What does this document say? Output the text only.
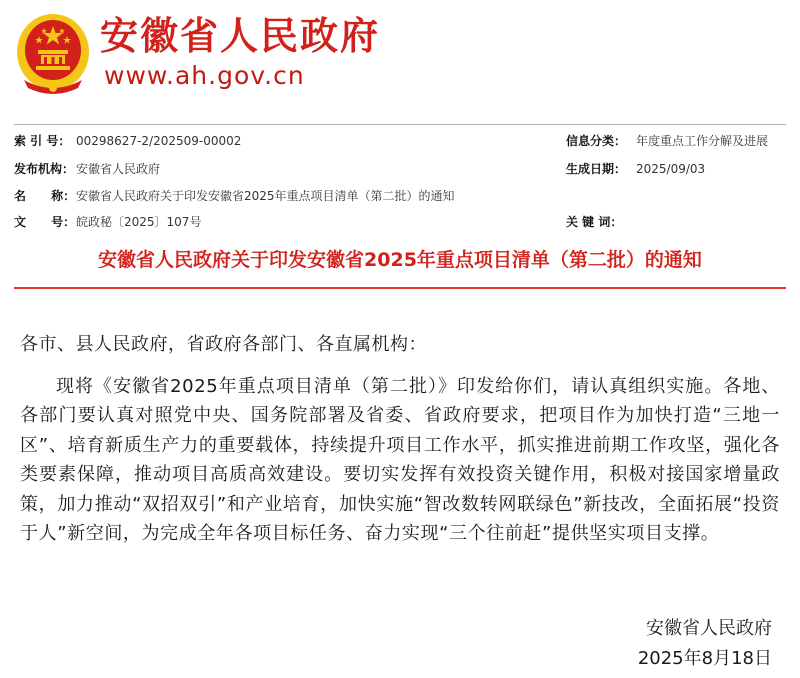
安徽省人民政府
www.ah.gov.cn
索 引 号： 00298627-2/202509-00002	信息分类： 年度重点工作分解及进展
发布机构： 安徽省人民政府	生成日期： 2025/09/03
名      称： 安徽省人民政府关于印发安徽省2025年重点项目清单（第二批）的通知
文      号： 皖政秘〔2025〕107号	关 键 词：
安徽省人民政府关于印发安徽省2025年重点项目清单（第二批）的通知

各市、县人民政府，省政府各部门、各直属机构：

现将《安徽省2025年重点项目清单（第二批）》印发给你们，请认真组织实施。各地、各部门要认真对照党中央、国务院部署及省委、省政府要求，把项目作为加快打造“三地一区”、培育新质生产力的重要载体，持续提升项目工作水平，抓实推进前期工作攻坚，强化各类要素保障，推动项目高质高效建设。要切实发挥有效投资关键作用，积极对接国家增量政策，加力推动“双招双引”和产业培育，加快实施“智改数转网联绿色”新技改，全面拓展“投资于人”新空间，为完成全年各项目标任务、奋力实现“三个往前赶”提供坚实项目支撑。

安徽省人民政府
2025年8月18日
